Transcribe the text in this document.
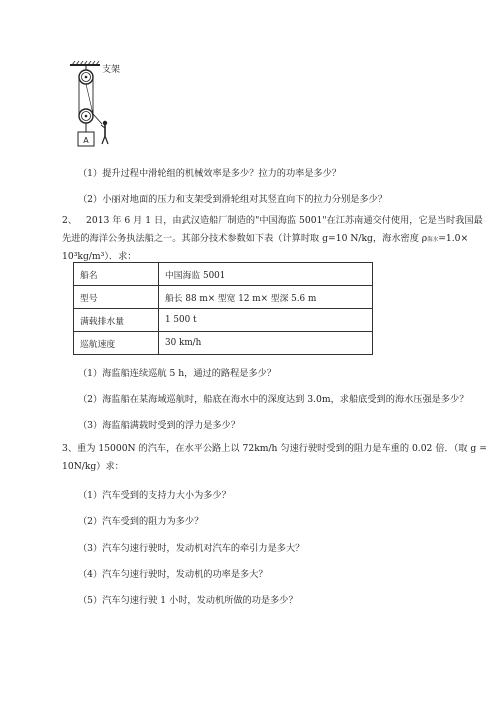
A
支架
（1）提升过程中滑轮组的机械效率是多少？拉力的功率是多少？
（2）小丽对地面的压力和支架受到滑轮组对其竖直向下的拉力分别是多少？
2、 2013 年 6 月 1 日，由武汉造船厂制造的"中国海监 5001"在江苏南通交付使用，它是当时我国最
先进的海洋公务执法船之一。其部分技术参数如下表（计算时取 g=10 N/kg，海水密度 ρ海水=1.0×
10³kg/m³）．求：
船名	中国海监 5001
型号	船长 88 m× 型宽 12 m× 型深 5.6 m
满载排水量	1 500 t
巡航速度	30 km/h
（1）海监船连续巡航 5 h，通过的路程是多少？
（2）海监船在某海域巡航时，船底在海水中的深度达到 3.0m，求船底受到的海水压强是多少？
（3）海监船满载时受到的浮力是多少？
3、重为 15000N 的汽车，在水平公路上以 72km/h 匀速行驶时受到的阻力是车重的 0.02 倍．（取 g =
10N/kg）求：
（1）汽车受到的支持力大小为多少？
（2）汽车受到的阻力为多少？
（3）汽车匀速行驶时，发动机对汽车的牵引力是多大？
（4）汽车匀速行驶时，发动机的功率是多大？
（5）汽车匀速行驶 1 小时，发动机所做的功是多少？
